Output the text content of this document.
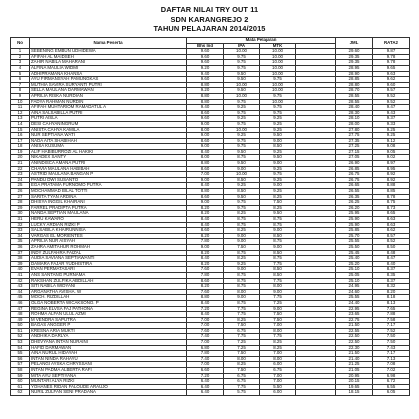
DAFTAR NILAI TRY OUT 11
SDN KARANGREJO 2
TAHUN PELAJARAN 2014/2015
No	Nama Peserta	Mata Pelajaran				JML	RATA2
		Bhs Ind	IPA	MTK			
1	SEBENING EMBUN UDHIDEWA	9.60	10.00	10.00		29.60	9.87
2	AFIFAH AL MAIDSEH	9.60	9.75	10.00		29.35	9.78
3	ZAHIR NABILA MAHARANI	9.60	9.75	10.00		29.35	9.78
4	ALFINA MAULIA WIDMI	9.20	9.75	10.00		28.95	9.65
5	ADHIPRAMANA KHANSA	9.40	9.50	10.00		28.90	9.63
6	AYU FIRMANSYAH PAMUNGKAS	9.60	9.50	9.75		28.85	9.62
7	MUTHIA SAVIRA SURYANTI PUTRI	8.80	10.00	10.00		28.80	9.60
8	SELLA MAULANA DARMAWAN	9.20	9.50	10.00		28.70	9.57
9	APRILIA RISKA NURDIAN	8.80	10.00	9.75		28.55	9.52
10	FADYA RAHMAN NURDIN	8.80	9.75	10.00		28.55	9.52
11	AFIFAH MUHTARIOM RAMADATUL A	9.40	9.25	9.75		28.40	9.47
12	AINA SALSABILLA PUTRI	8.60	9.75	9.75		28.30	9.43
13	PUTRI AISLA	9.60	9.25	9.25		28.10	9.37
14	DESI CAHYANINGRUM	9.00	9.75	9.25		28.00	9.33
15	ANISTA CAHYA KAMILA	8.00	10.00	9.25		27.80	9.25
16	NUR SEPTIANA WATI	9.00	9.25	9.50		27.75	9.25
17	NADA AITA SHABIHAH	8.60	9.75	9.00		27.35	9.12
18	ANISA KUSUMA	9.00	9.75	8.50		27.25	9.08
19	ALIF HABIBURROZI AL HAKIKI	8.40	9.50	9.25		27.15	9.05
20	NIKADEX SANTY	8.00	8.75	9.50		27.05	9.02
21	ANINDISCA AMANA PUTRI	8.80	9.50	9.00		26.90	8.97
22	CHAVIA MAULANA HABIBAH	8.60	9.00	9.25		26.85	8.95
23	ASTRID MAULANA BANGAN P	7.00	10.00	9.75		26.75	8.92
24	PANDU DWI SUSANTO	9.00	8.50	9.25		26.75	8.92
25	EGA PRATAMA FURNOMO PUTRA	8.40	9.25	9.00		26.65	8.88
26	MOCHAMMAD BILAL TOTTI	8.80	8.50	9.25		26.55	8.85
27	SARITA TYAN ARDINA	8.60	9.50	8.25		26.35	8.78
28	DHISYA INGGIL KHAIRANI	9.00	9.75	7.50		26.25	8.75
29	FARREL PRADIPTA PUTRA	8.20	9.75	8.25		26.20	8.73
30	NANDA SEPTIAN MAULANA	8.20	8.25	9.50		25.95	8.65
31	HERU KAWARO	8.40	8.75	8.75		25.90	8.63
32	LUCKY ARDIAN RIZKI P	8.40	8.75	8.75		25.90	8.63
33	SALSABILA KHAIRUNNISA	8.60	8.25	9.00		25.85	8.62
34	VARGAS EL MORIENTES	8.20	9.00	8.50		25.70	8.57
35	APRILIA NUR AISYAH	7.80	9.00	8.75		25.55	8.52
36	ZAHRA AMITAHUR ROHMAH	9.00	7.50	9.00		25.50	8.50
37	INDY ZULFAHRA FAIZAL	8.20	8.75	8.50		25.45	8.48
38	AUDIA SAVIANA SEPTIAWANTI	8.40	8.25	8.75		25.40	8.47
39	DAMARA FAJAR YUDHISTIRA	8.20	9.25	7.75		25.20	8.40
40	EVAN PERMATASARI	7.60	9.00	8.50		25.10	8.37
41	ANS SANTANG PURNAMA	7.80	8.75	8.50		25.05	8.35
42	RAKSHAN ZULFIKA ABDILLAH	8.60	8.75	7.75		25.10	8.37
43	SITI NABILA WIDYANI	8.20	8.75	8.00		24.95	8.32
44	ARGANATHA AVISHA. W	7.60	8.00	9.00		24.60	8.20
45	MOCH. RIZDILLAH	8.80	9.00	7.75		25.55	8.18
46	OLGA NOBERTA WICAKSONO. P	8.40	8.75	7.25		24.40	8.13
47	REGINA ELVSA FAJ PATHONA	7.20	7.75	9.00		22.95	7.65
48	ROHMA ALFAN ULUL AZMI	8.40	7.75	7.50		23.65	7.88
49	M VENDRA SAPUTRA	7.00	8.25	7.50		22.75	7.58
50	BAGAS ANGGER P	7.00	7.50	7.00		21.50	7.17
51	KRESNA ARIA MUKTI	7.60	6.75	8.00		22.55	7.52
52	ANDHIKA DARLYA	7.40	7.75	7.75		22.50	7.50
53	DHEVYANA INTAN NURAINI	7.00	7.25	8.25		22.50	7.50
54	HAFID DARMAWAN	6.80	7.25	8.25		22.30	7.43
55	AINA NURUL HIDAYAH	7.80	7.50	7.00		21.50	7.17
56	INTAN NINDA RAHAYU	7.40	8.00	8.00		21.40	7.13
57	PELANGI AYSKA CHRYSSANI	7.00	8.25	6.00		21.25	7.08
58	INTAN PADMA ALBERTA RAFI	6.60	7.50	6.75		21.05	7.02
59	MITA AYU SEPTIYANA	7.20	6.75	7.00		20.95	6.98
60	MUNTARI ALYA RIZKI	6.40	6.75	7.00		20.15	6.72
61	YOHANES RIDAN FALOUDE ARAUJO	6.40	7.75	5.50		19.65	6.55
62	NURIL ZULFAN SENI PRADANA	6.40	5.75	6.00		18.15	6.05
